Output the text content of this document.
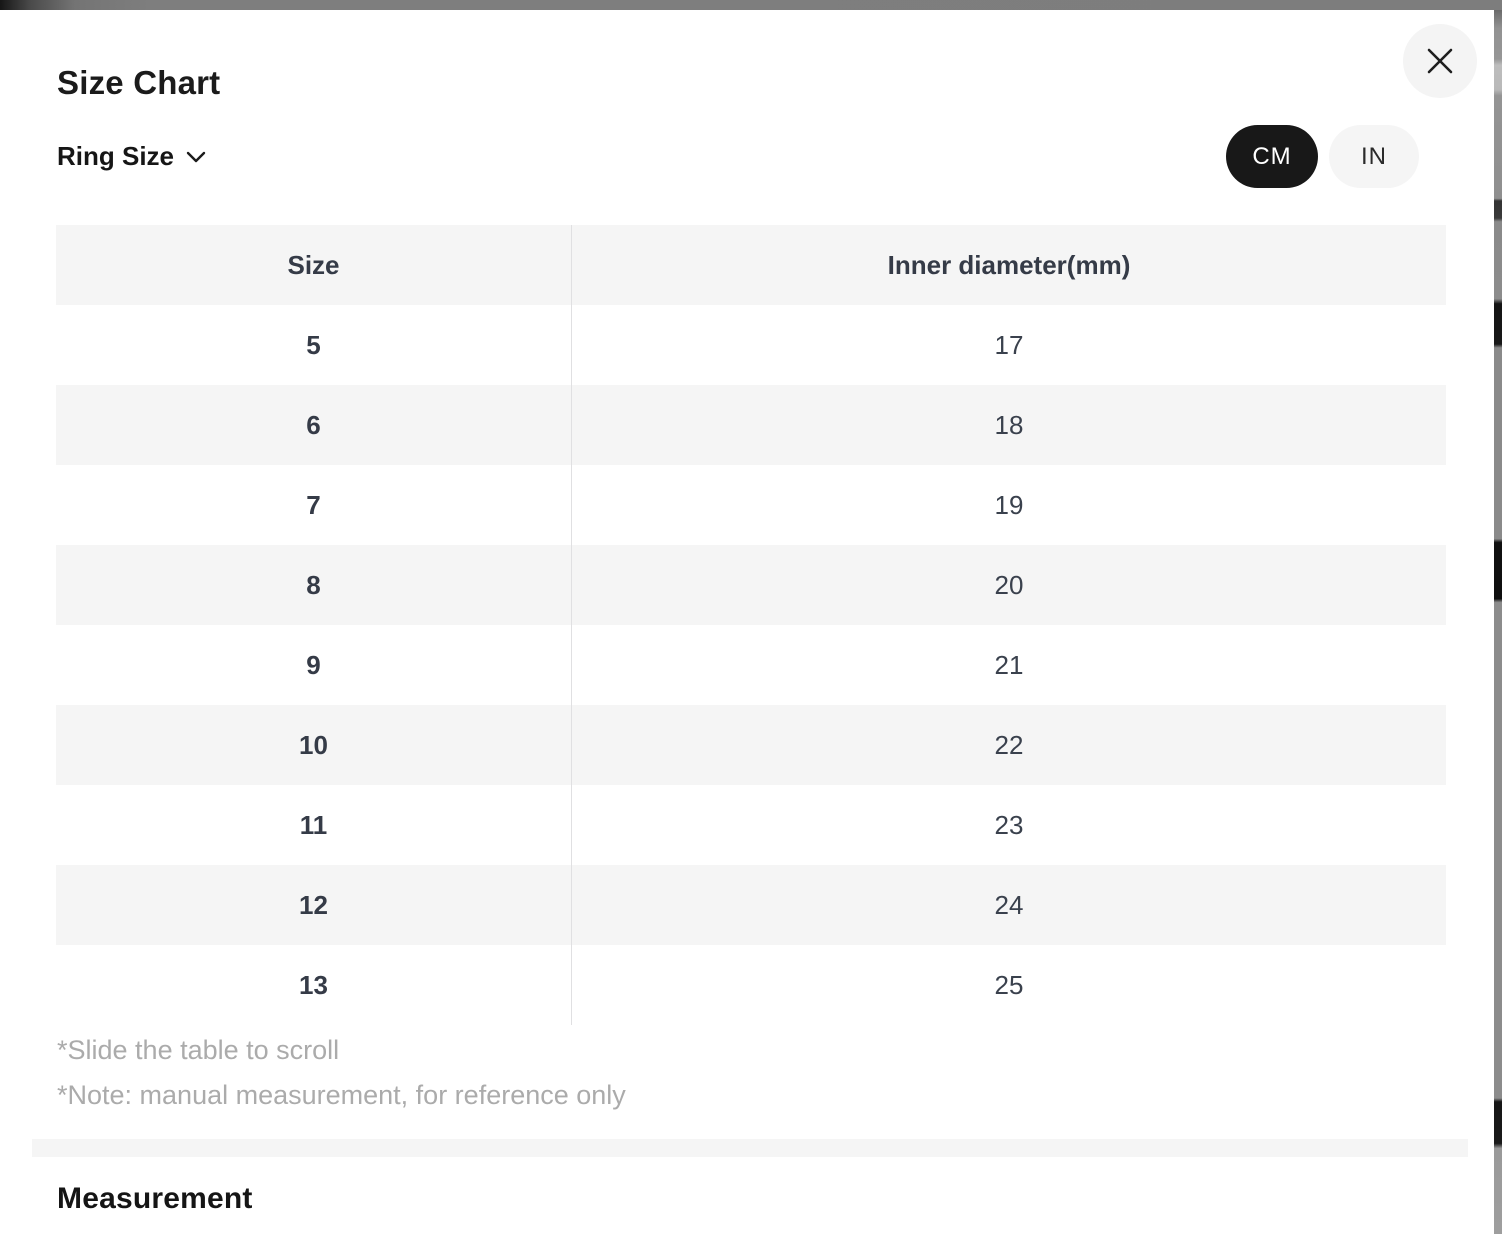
Size Chart
Ring Size	CM	IN
Size	Inner diameter(mm)
5	17
6	18
7	19
8	20
9	21
10	22
11	23
12	24
13	25
*Slide the table to scroll
*Note: manual measurement, for reference only
Measurement
